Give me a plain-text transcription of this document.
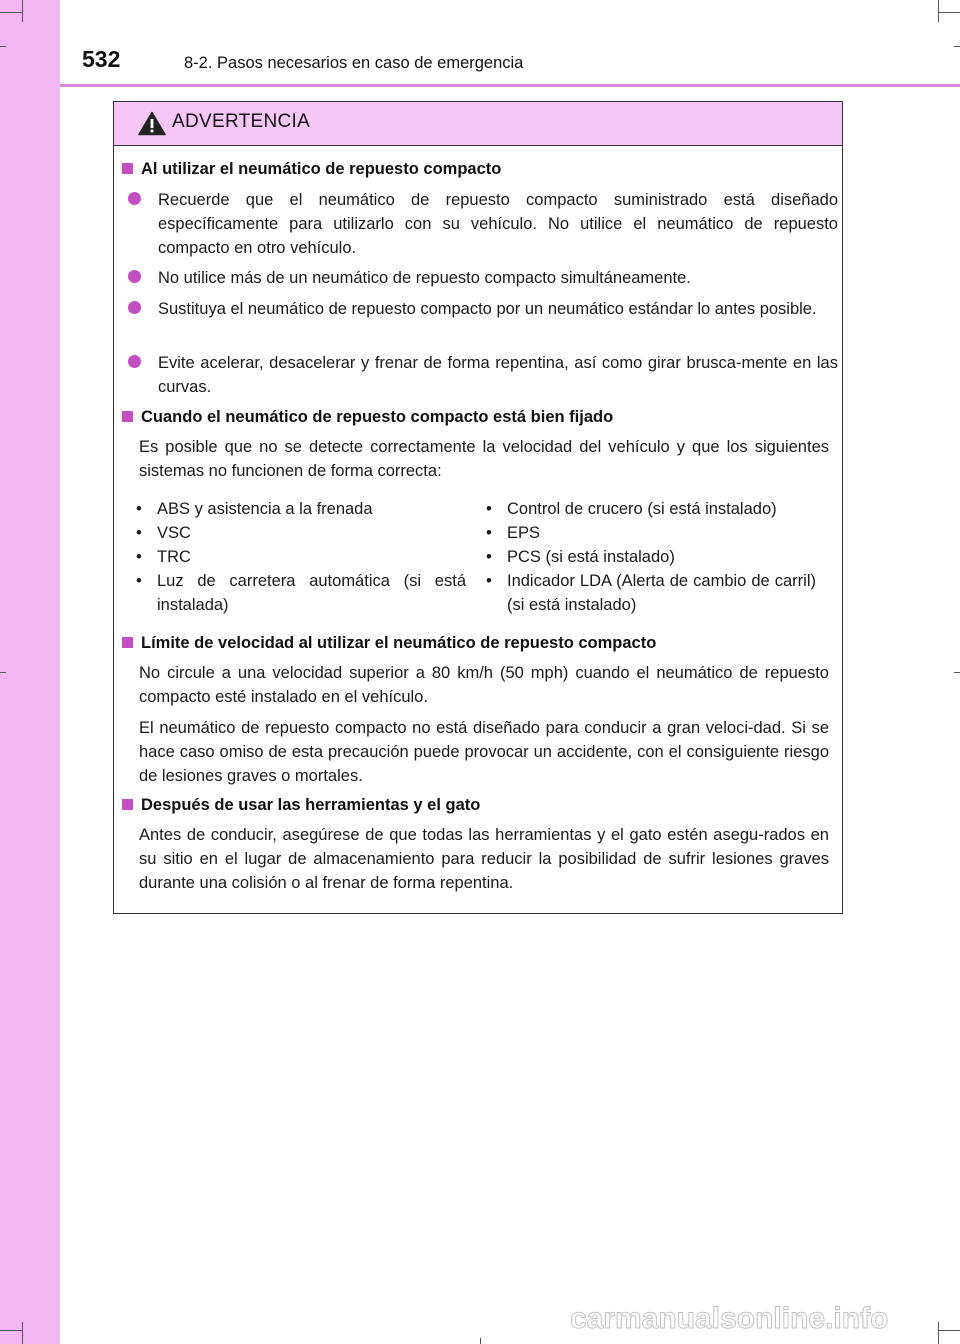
532	8-2. Pasos necesarios en caso de emergencia
ADVERTENCIA
Al utilizar el neumático de repuesto compacto
Recuerde que el neumático de repuesto compacto suministrado está diseñado específicamente para utilizarlo con su vehículo. No utilice el neumático de repuesto compacto en otro vehículo.
No utilice más de un neumático de repuesto compacto simultáneamente.
Sustituya el neumático de repuesto compacto por un neumático estándar lo antes posible.
Evite acelerar, desacelerar y frenar de forma repentina, así como girar brusca-mente en las curvas.
Cuando el neumático de repuesto compacto está bien fijado
Es posible que no se detecte correctamente la velocidad del vehículo y que los siguientes sistemas no funcionen de forma correcta:
• ABS y asistencia a la frenada
• VSC
• TRC
• Luz de carretera automática (si está instalada)
• Control de crucero (si está instalado)
• EPS
• PCS (si está instalado)
• Indicador LDA (Alerta de cambio de carril) (si está instalado)
Límite de velocidad al utilizar el neumático de repuesto compacto
No circule a una velocidad superior a 80 km/h (50 mph) cuando el neumático de repuesto compacto esté instalado en el vehículo.
El neumático de repuesto compacto no está diseñado para conducir a gran veloci-dad. Si se hace caso omiso de esta precaución puede provocar un accidente, con el consiguiente riesgo de lesiones graves o mortales.
Después de usar las herramientas y el gato
Antes de conducir, asegúrese de que todas las herramientas y el gato estén asegu-rados en su sitio en el lugar de almacenamiento para reducir la posibilidad de sufrir lesiones graves durante una colisión o al frenar de forma repentina.
carmanualsonline.info
